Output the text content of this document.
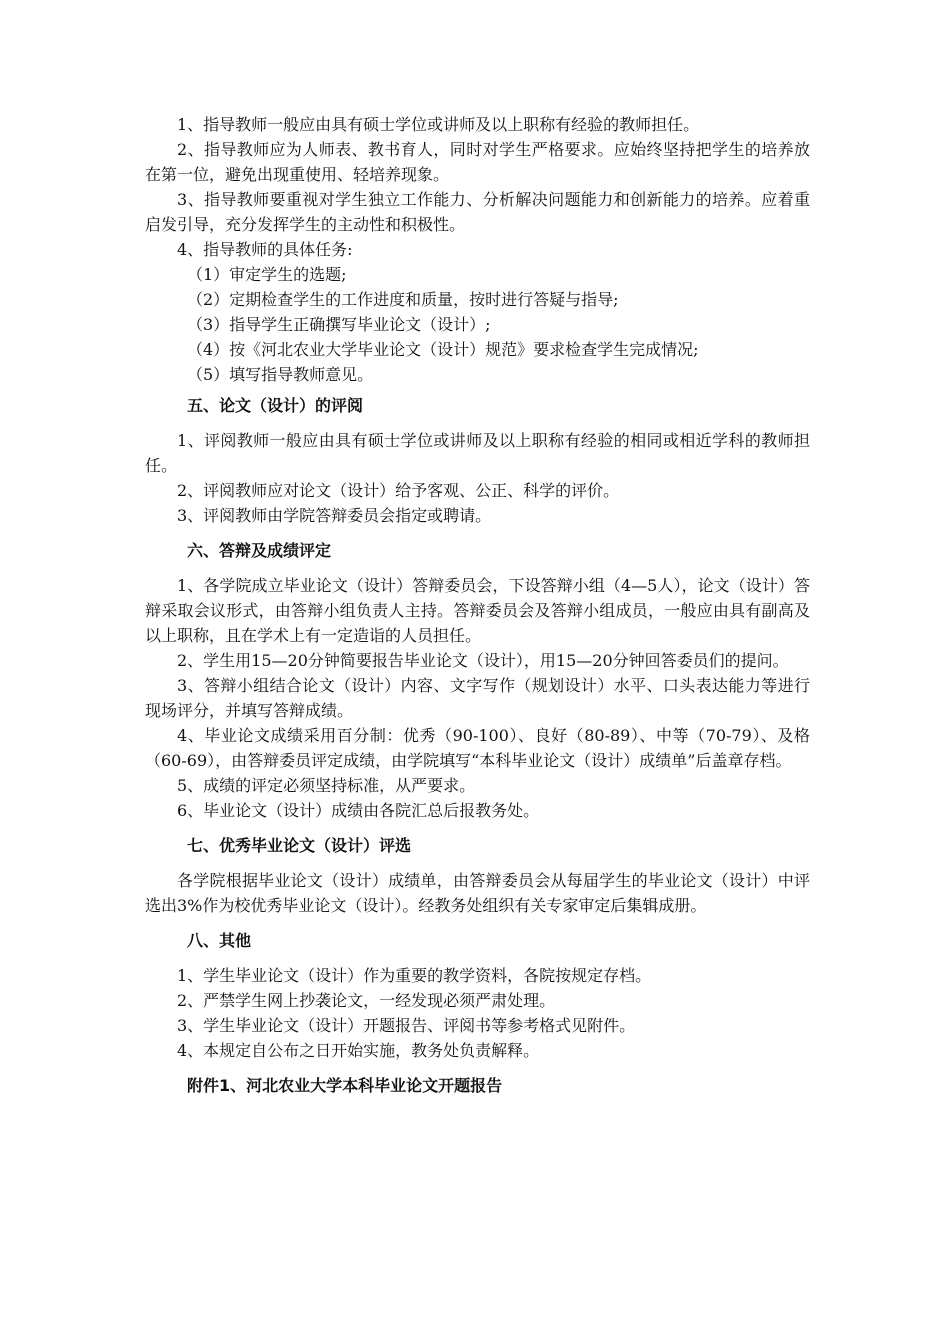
1、指导教师一般应由具有硕士学位或讲师及以上职称有经验的教师担任。

2、指导教师应为人师表、教书育人，同时对学生严格要求。应始终坚持把学生的培养放在第一位，避免出现重使用、轻培养现象。

3、指导教师要重视对学生独立工作能力、分析解决问题能力和创新能力的培养。应着重启发引导，充分发挥学生的主动性和积极性。

4、指导教师的具体任务:

（1）审定学生的选题;

（2）定期检查学生的工作进度和质量，按时进行答疑与指导;

（3）指导学生正确撰写毕业论文（设计）;

（4）按《河北农业大学毕业论文（设计）规范》要求检查学生完成情况;

（5）填写指导教师意见。

五、论文（设计）的评阅

1、评阅教师一般应由具有硕士学位或讲师及以上职称有经验的相同或相近学科的教师担任。

2、评阅教师应对论文（设计）给予客观、公正、科学的评价。

3、评阅教师由学院答辩委员会指定或聘请。

六、答辩及成绩评定

1、各学院成立毕业论文（设计）答辩委员会，下设答辩小组（4—5人），论文（设计）答辩采取会议形式，由答辩小组负责人主持。答辩委员会及答辩小组成员，一般应由具有副高及以上职称，且在学术上有一定造诣的人员担任。

2、学生用15—20分钟简要报告毕业论文（设计），用15—20分钟回答委员们的提问。

3、答辩小组结合论文（设计）内容、文字写作（规划设计）水平、口头表达能力等进行现场评分，并填写答辩成绩。

4、毕业论文成绩采用百分制：优秀（90-100）、良好（80-89）、中等（70-79）、及格（60-69），由答辩委员评定成绩，由学院填写“本科毕业论文（设计）成绩单”后盖章存档。

5、成绩的评定必须坚持标准，从严要求。

6、毕业论文（设计）成绩由各院汇总后报教务处。

七、优秀毕业论文（设计）评选

各学院根据毕业论文（设计）成绩单，由答辩委员会从每届学生的毕业论文（设计）中评选出3%作为校优秀毕业论文（设计）。经教务处组织有关专家审定后集辑成册。

八、其他

1、学生毕业论文（设计）作为重要的教学资料，各院按规定存档。

2、严禁学生网上抄袭论文，一经发现必须严肃处理。

3、学生毕业论文（设计）开题报告、评阅书等参考格式见附件。

4、本规定自公布之日开始实施，教务处负责解释。

附件1、河北农业大学本科毕业论文开题报告
